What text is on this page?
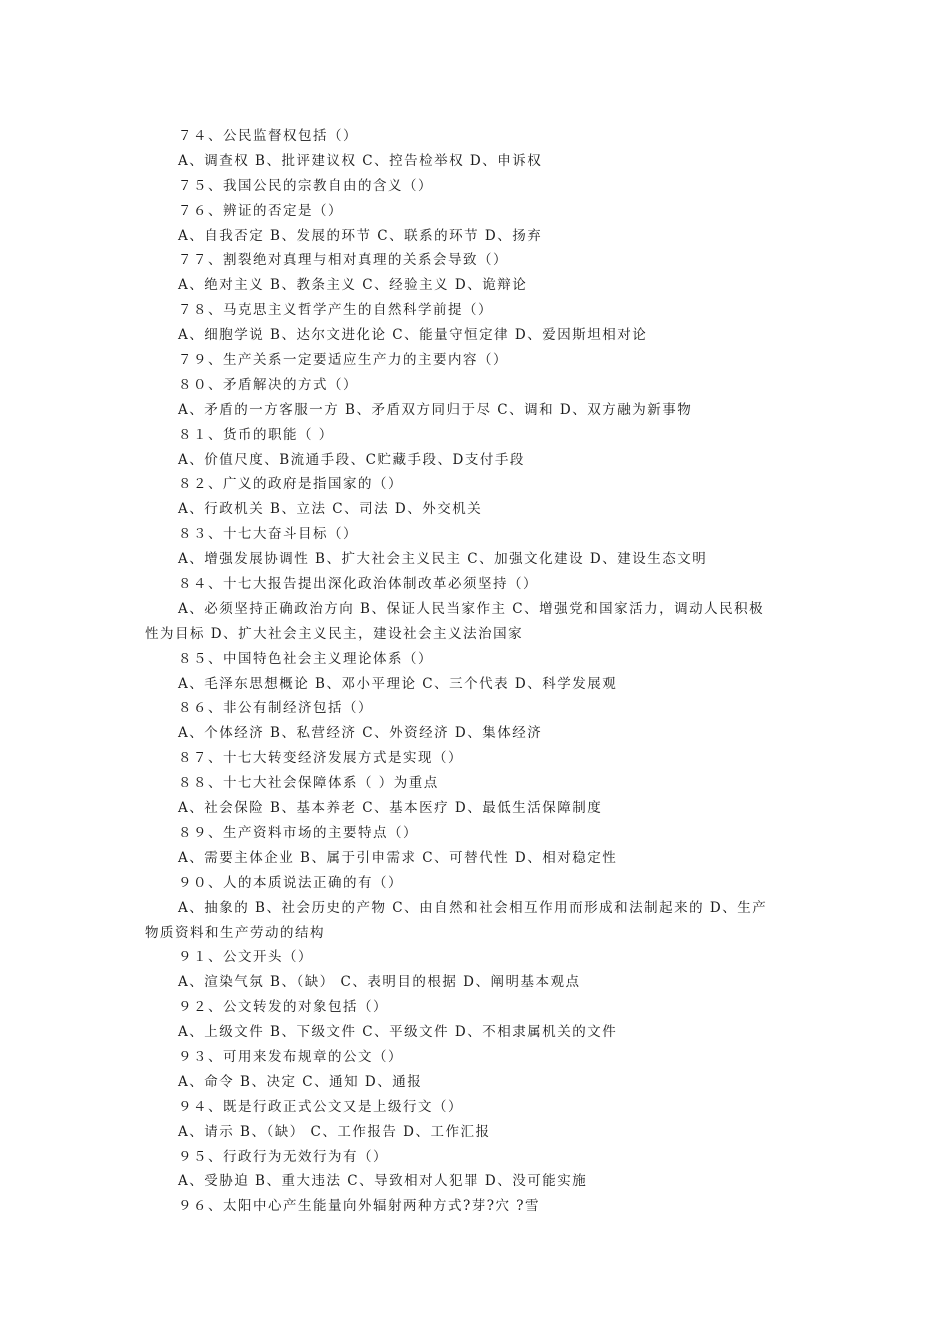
７４、公民监督权包括（）
A、调查权 B、批评建议权 C、控告检举权 D、申诉权
７５、我国公民的宗教自由的含义（）
７６、辨证的否定是（）
A、自我否定 B、发展的环节 C、联系的环节 D、扬弃
７７、割裂绝对真理与相对真理的关系会导致（）
A、绝对主义 B、教条主义 C、经验主义 D、诡辩论
７８、马克思主义哲学产生的自然科学前提（）
A、细胞学说 B、达尔文进化论 C、能量守恒定律 D、爱因斯坦相对论
７９、生产关系一定要适应生产力的主要内容（）
８０、矛盾解决的方式（）
A、矛盾的一方客服一方 B、矛盾双方同归于尽 C、调和 D、双方融为新事物
８１、货币的职能（ ）
A、价值尺度、B流通手段、C贮藏手段、D支付手段
８２、广义的政府是指国家的（）
A、行政机关 B、立法 C、司法 D、外交机关
８３、十七大奋斗目标（）
A、增强发展协调性 B、扩大社会主义民主 C、加强文化建设 D、建设生态文明
８４、十七大报告提出深化政治体制改革必须坚持（）
A、必须坚持正确政治方向 B、保证人民当家作主 C、增强党和国家活力，调动人民积极
性为目标 D、扩大社会主义民主，建设社会主义法治国家
８５、中国特色社会主义理论体系（）
A、毛泽东思想概论 B、邓小平理论 C、三个代表 D、科学发展观
８６、非公有制经济包括（）
A、个体经济 B、私营经济 C、外资经济 D、集体经济
８７、十七大转变经济发展方式是实现（）
８８、十七大社会保障体系（ ）为重点
A、社会保险 B、基本养老 C、基本医疗 D、最低生活保障制度
８９、生产资料市场的主要特点（）
A、需要主体企业 B、属于引申需求 C、可替代性 D、相对稳定性
９０、人的本质说法正确的有（）
A、抽象的 B、社会历史的产物 C、由自然和社会相互作用而形成和法制起来的 D、生产
物质资料和生产劳动的结构
９１、公文开头（）
A、渲染气氛 B、（缺） C、表明目的根据 D、阐明基本观点
９２、公文转发的对象包括（）
A、上级文件 B、下级文件 C、平级文件 D、不相隶属机关的文件
９３、可用来发布规章的公文（）
A、命令 B、决定 C、通知 D、通报
９４、既是行政正式公文又是上级行文（）
A、请示 B、（缺） C、工作报告 D、工作汇报
９５、行政行为无效行为有（）
A、受胁迫 B、重大违法 C、导致相对人犯罪 D、没可能实施
９６、太阳中心产生能量向外辐射两种方式?芽?穴 ?雪
